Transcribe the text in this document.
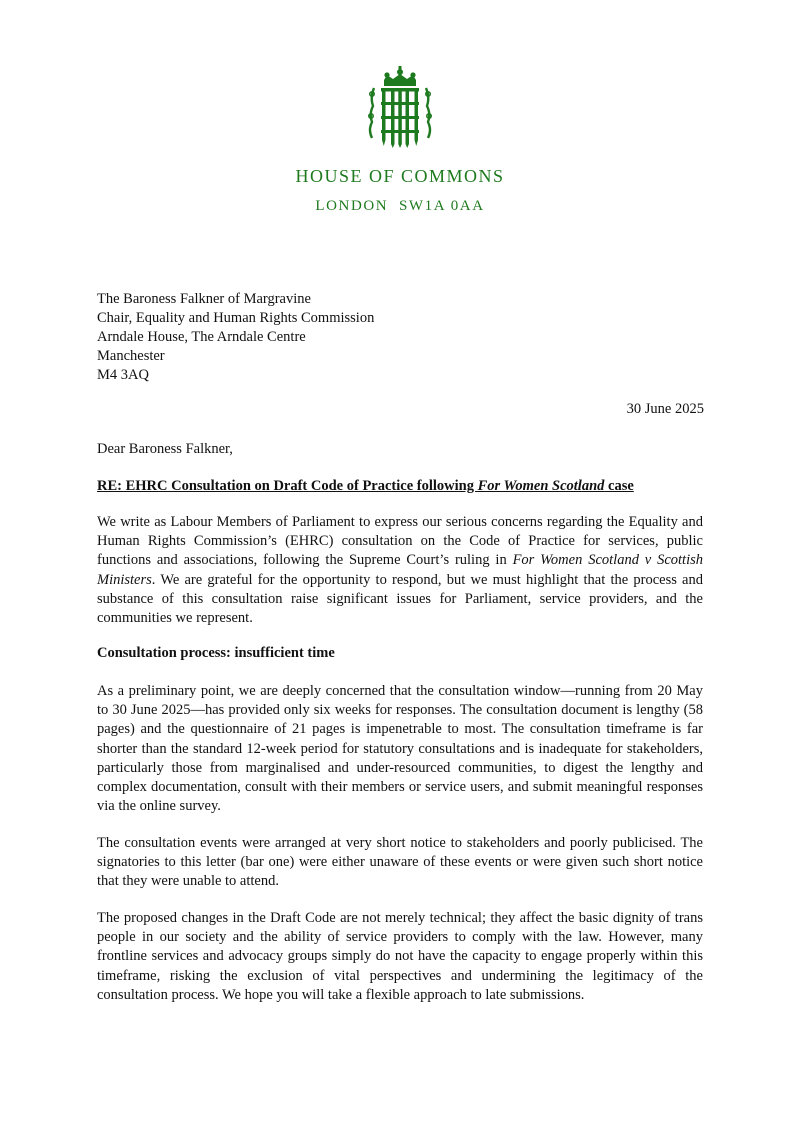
HOUSE OF COMMONS
LONDON  SW1A 0AA
The Baroness Falkner of Margravine
Chair, Equality and Human Rights Commission
Arndale House, The Arndale Centre
Manchester
M4 3AQ
30 June 2025
Dear Baroness Falkner,
RE: EHRC Consultation on Draft Code of Practice following For Women Scotland case

We write as Labour Members of Parliament to express our serious concerns regarding the Equality and Human Rights Commission’s (EHRC) consultation on the Code of Practice for services, public functions and associations, following the Supreme Court’s ruling in For Women Scotland v Scottish Ministers. We are grateful for the opportunity to respond, but we must highlight that the process and substance of this consultation raise significant issues for Parliament, service providers, and the communities we represent.

Consultation process: insufficient time

As a preliminary point, we are deeply concerned that the consultation window—running from 20 May to 30 June 2025—has provided only six weeks for responses. The consultation document is lengthy (58 pages) and the questionnaire of 21 pages is impenetrable to most. The consultation timeframe is far shorter than the standard 12-week period for statutory consultations and is inadequate for stakeholders, particularly those from marginalised and under-resourced communities, to digest the lengthy and complex documentation, consult with their members or service users, and submit meaningful responses via the online survey.

The consultation events were arranged at very short notice to stakeholders and poorly publicised. The signatories to this letter (bar one) were either unaware of these events or were given such short notice that they were unable to attend.

The proposed changes in the Draft Code are not merely technical; they affect the basic dignity of trans people in our society and the ability of service providers to comply with the law. However, many frontline services and advocacy groups simply do not have the capacity to engage properly within this timeframe, risking the exclusion of vital perspectives and undermining the legitimacy of the consultation process. We hope you will take a flexible approach to late submissions.
